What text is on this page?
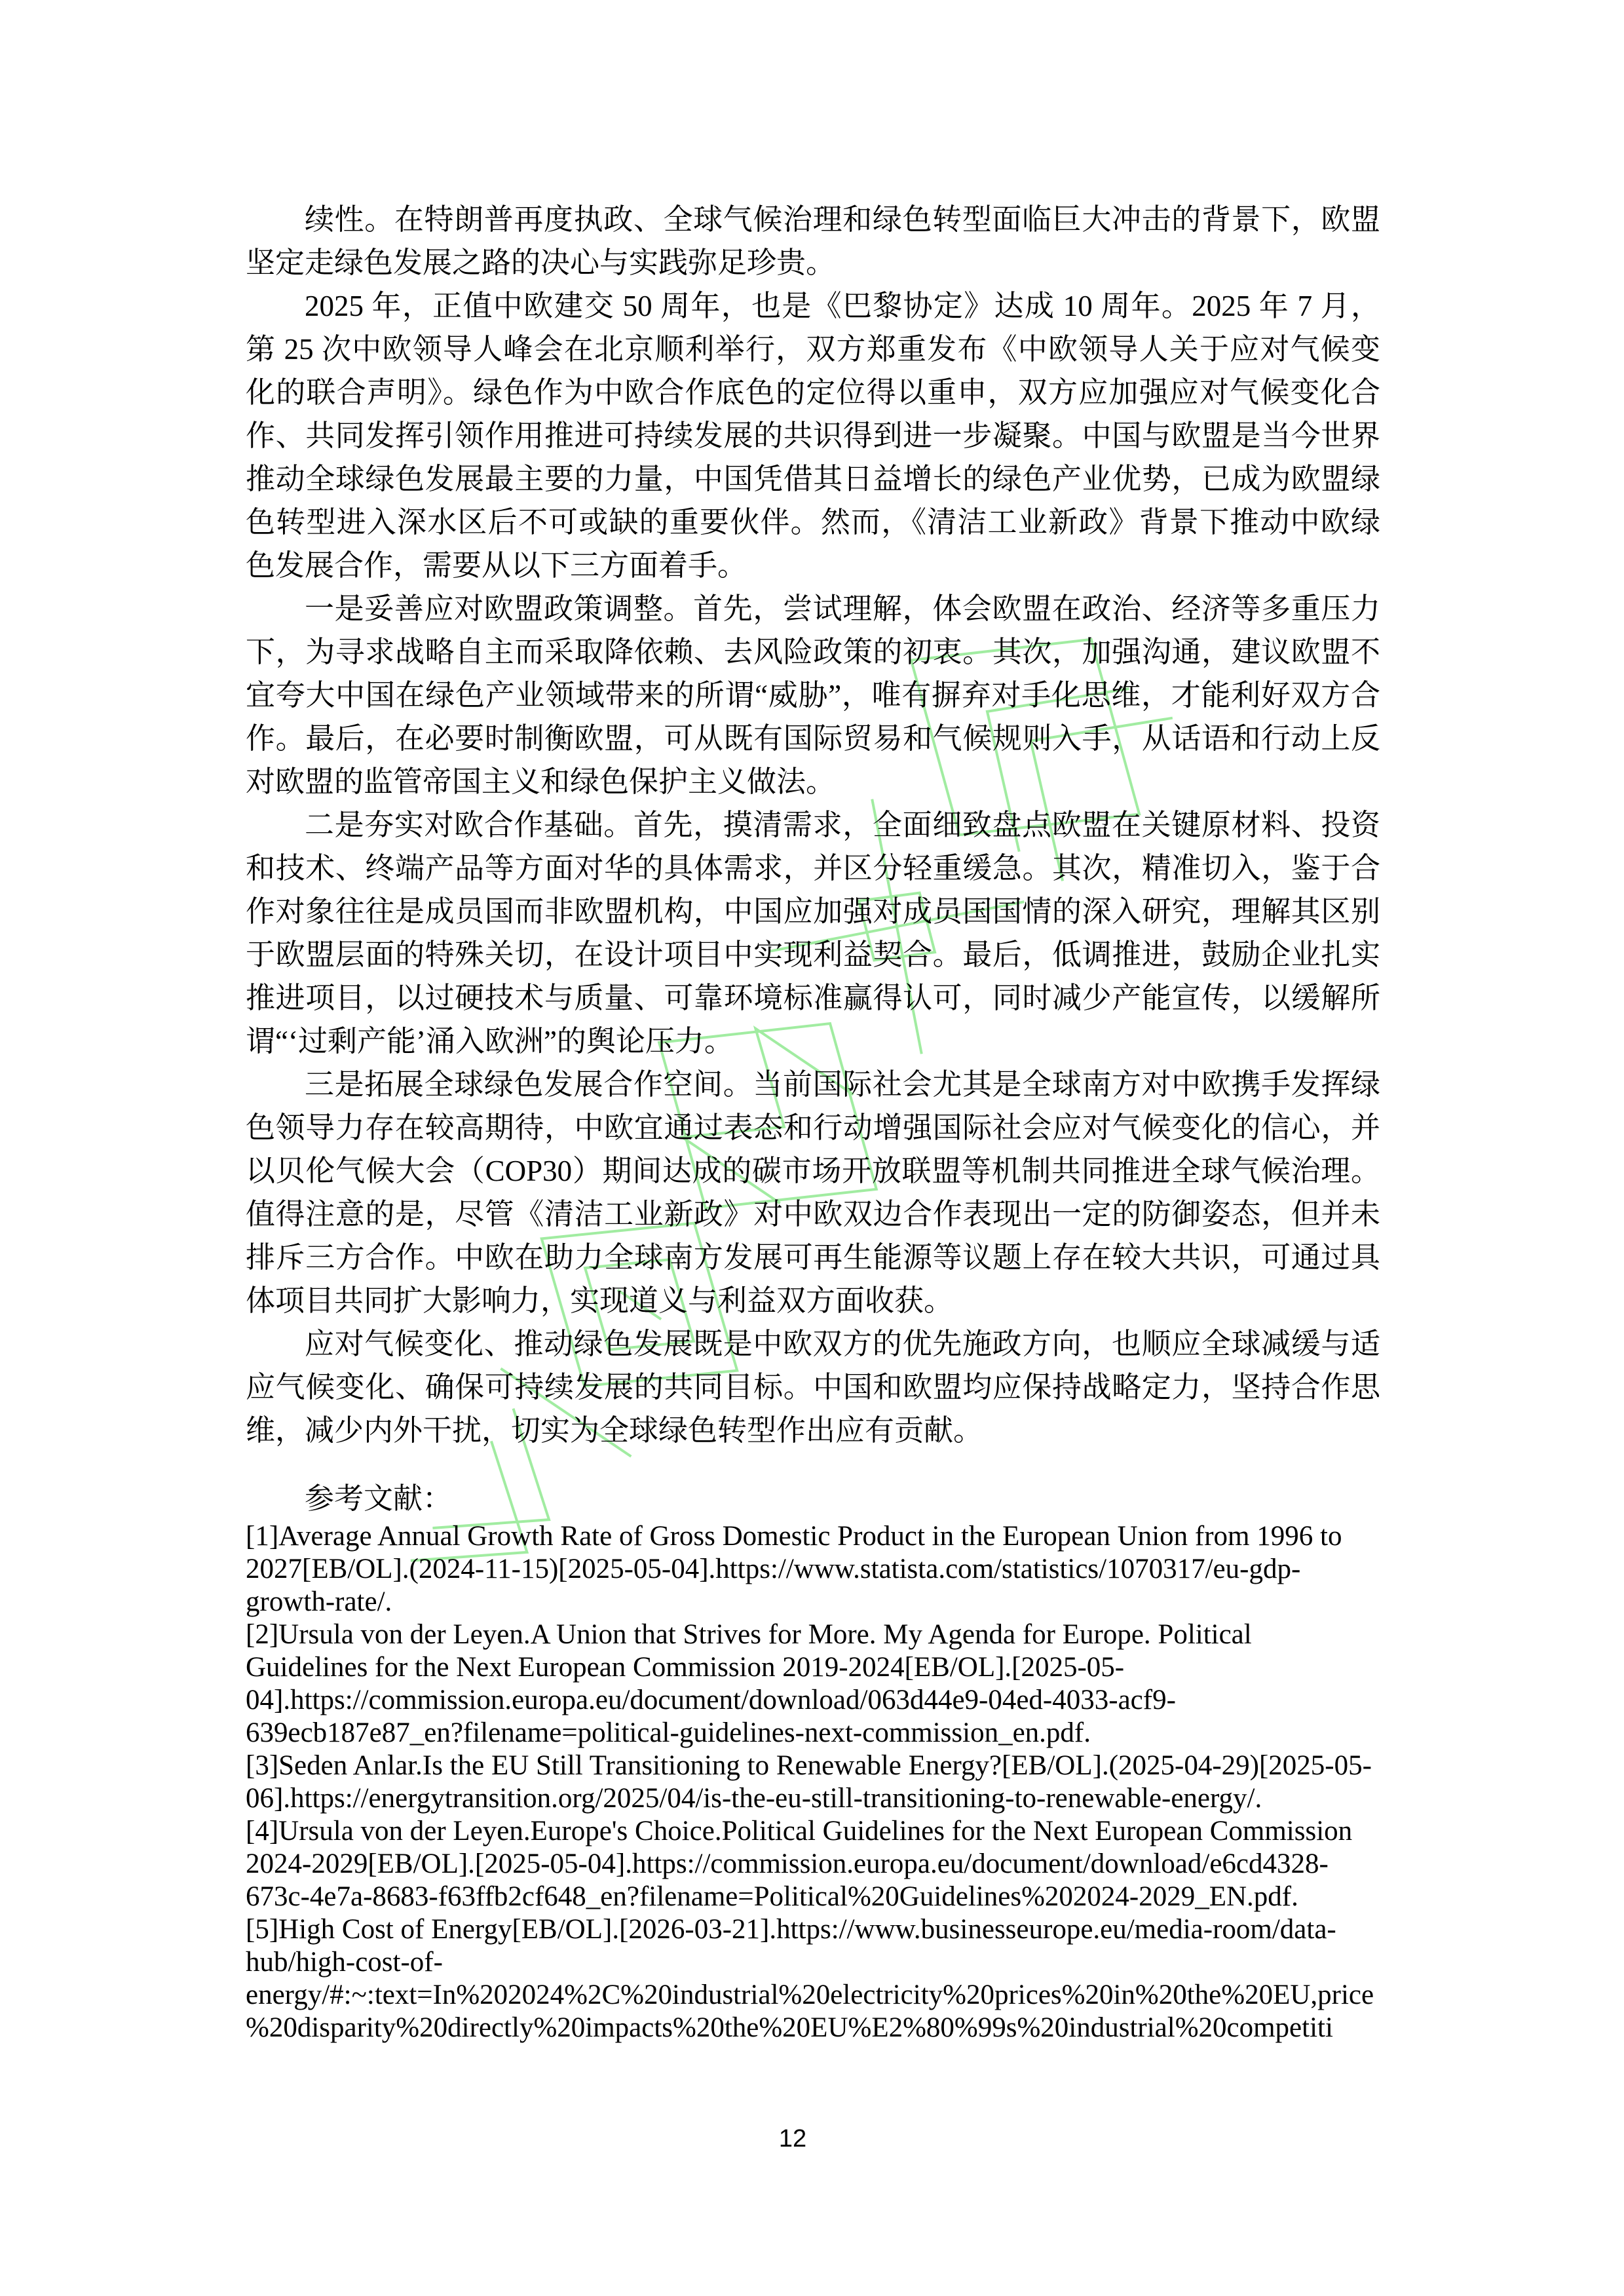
续性。在特朗普再度执政、全球气候治理和绿色转型面临巨大冲击的背景下，欧盟坚定走绿色发展之路的决心与实践弥足珍贵。

2025 年，正值中欧建交 50 周年，也是《巴黎协定》达成 10 周年。2025 年 7 月，第 25 次中欧领导人峰会在北京顺利举行，双方郑重发布《中欧领导人关于应对气候变化的联合声明》。绿色作为中欧合作底色的定位得以重申，双方应加强应对气候变化合作、共同发挥引领作用推进可持续发展的共识得到进一步凝聚。中国与欧盟是当今世界推动全球绿色发展最主要的力量，中国凭借其日益增长的绿色产业优势，已成为欧盟绿色转型进入深水区后不可或缺的重要伙伴。然而，《清洁工业新政》背景下推动中欧绿色发展合作，需要从以下三方面着手。

一是妥善应对欧盟政策调整。首先，尝试理解，体会欧盟在政治、经济等多重压力下，为寻求战略自主而采取降依赖、去风险政策的初衷。其次，加强沟通，建议欧盟不宜夸大中国在绿色产业领域带来的所谓“威胁”，唯有摒弃对手化思维，才能利好双方合作。最后，在必要时制衡欧盟，可从既有国际贸易和气候规则入手，从话语和行动上反对欧盟的监管帝国主义和绿色保护主义做法。

二是夯实对欧合作基础。首先，摸清需求，全面细致盘点欧盟在关键原材料、投资和技术、终端产品等方面对华的具体需求，并区分轻重缓急。其次，精准切入，鉴于合作对象往往是成员国而非欧盟机构，中国应加强对成员国国情的深入研究，理解其区别于欧盟层面的特殊关切，在设计项目中实现利益契合。最后，低调推进，鼓励企业扎实推进项目，以过硬技术与质量、可靠环境标准赢得认可，同时减少产能宣传，以缓解所谓“‘过剩产能’涌入欧洲”的舆论压力。

三是拓展全球绿色发展合作空间。当前国际社会尤其是全球南方对中欧携手发挥绿色领导力存在较高期待，中欧宜通过表态和行动增强国际社会应对气候变化的信心，并以贝伦气候大会（COP30）期间达成的碳市场开放联盟等机制共同推进全球气候治理。值得注意的是，尽管《清洁工业新政》对中欧双边合作表现出一定的防御姿态，但并未排斥三方合作。中欧在助力全球南方发展可再生能源等议题上存在较大共识，可通过具体项目共同扩大影响力，实现道义与利益双方面收获。

应对气候变化、推动绿色发展既是中欧双方的优先施政方向，也顺应全球减缓与适应气候变化、确保可持续发展的共同目标。中国和欧盟均应保持战略定力，坚持合作思维，减少内外干扰，切实为全球绿色转型作出应有贡献。

参考文献：

[1]Average Annual Growth Rate of Gross Domestic Product in the European Union from 1996 to 2027[EB/OL].(2024-11-15)[2025-05-04].https://www.statista.com/statistics/1070317/eu-gdp-growth-rate/.

[2]Ursula von der Leyen.A Union that Strives for More. My Agenda for Europe. Political Guidelines for the Next European Commission 2019-2024[EB/OL].[2025-05-04].https://commission.europa.eu/document/download/063d44e9-04ed-4033-acf9-639ecb187e87_en?filename=political-guidelines-next-commission_en.pdf.

[3]Seden Anlar.Is the EU Still Transitioning to Renewable Energy?[EB/OL].(2025-04-29)[2025-05-06].https://energytransition.org/2025/04/is-the-eu-still-transitioning-to-renewable-energy/.

[4]Ursula von der Leyen.Europe's Choice.Political Guidelines for the Next European Commission 2024-2029[EB/OL].[2025-05-04].https://commission.europa.eu/document/download/e6cd4328-673c-4e7a-8683-f63ffb2cf648_en?filename=Political%20Guidelines%202024-2029_EN.pdf.

[5]High Cost of Energy[EB/OL].[2026-03-21].https://www.businesseurope.eu/media-room/data-hub/high-cost-of-energy/#:~:text=In%202024%2C%20industrial%20electricity%20prices%20in%20the%20EU,price%20disparity%20directly%20impacts%20the%20EU%E2%80%99s%20industrial%20competiti

12
